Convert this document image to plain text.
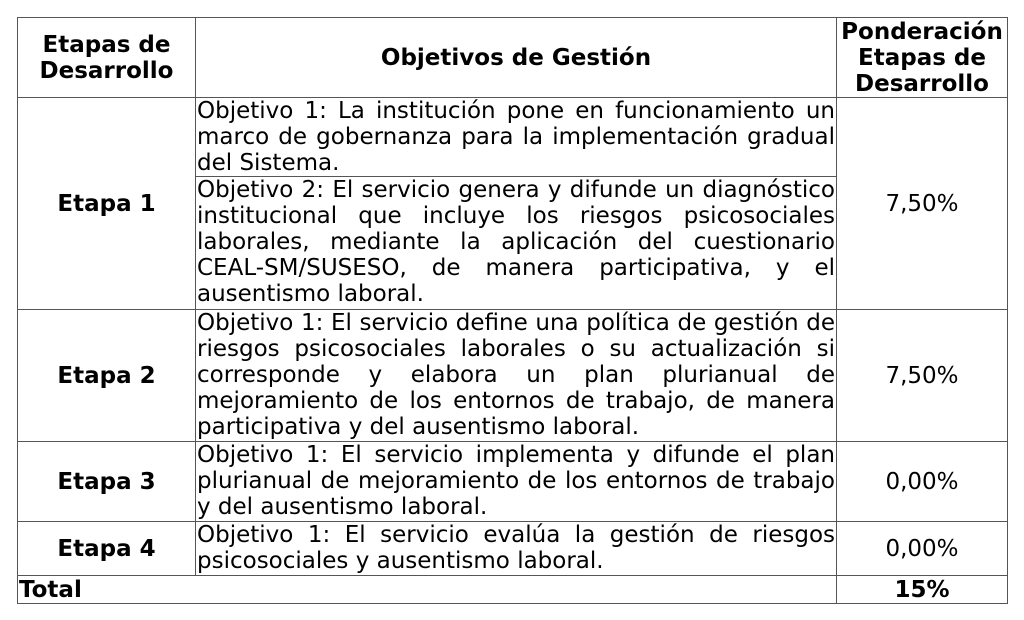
Etapas de Desarrollo	Objetivos de Gestión	Ponderación Etapas de Desarrollo
Etapa 1	Objetivo 1: La institución pone en funcionamiento un marco de gobernanza para la implementación gradual del Sistema.
Objetivo 2: El servicio genera y difunde un diagnóstico institucional que incluye los riesgos psicosociales laborales, mediante la aplicación del cuestionario CEAL-SM/SUSESO, de manera participativa, y el ausentismo laboral.	7,50%
Etapa 2	Objetivo 1: El servicio define una política de gestión de riesgos psicosociales laborales o su actualización si corresponde y elabora un plan plurianual de mejoramiento de los entornos de trabajo, de manera participativa y del ausentismo laboral.	7,50%
Etapa 3	Objetivo 1: El servicio implementa y difunde el plan plurianual de mejoramiento de los entornos de trabajo y del ausentismo laboral.	0,00%
Etapa 4	Objetivo 1: El servicio evalúa la gestión de riesgos psicosociales y ausentismo laboral.	0,00%
Total		15%
